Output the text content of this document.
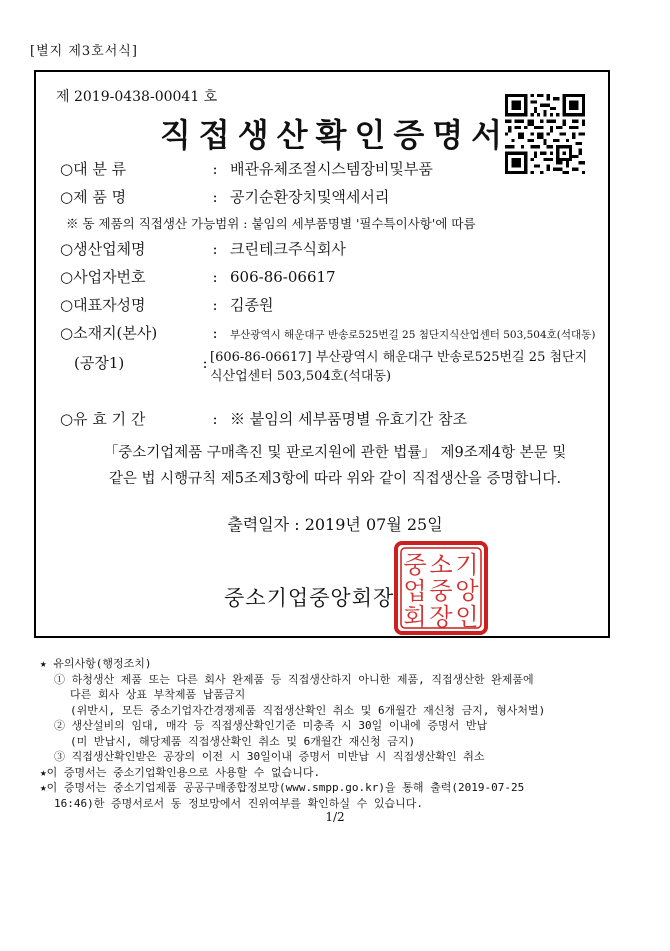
[별지 제3호서식]
제 2019-0438-00041 호
직접생산확인증명서
○대 분 류	: 배관유체조절시스템장비및부품
○제 품 명	: 공기순환장치및액세서리
※ 동 제품의 직접생산 가능범위 : 붙임의 세부품명별 '필수특이사항'에 따름
○생산업체명	: 크린테크주식회사
○사업자번호	: 606-86-06617
○대표자성명	: 김종원
○소재지(본사)	:	부산광역시 해운대구 반송로525번길 25 첨단지식산업센터 503,504호(석대동)
(공장1)	: [606-86-06617] 부산광역시 해운대구 반송로525번길 25 첨단지식산업센터 503,504호(석대동)
○유 효 기 간	: ※ 붙임의 세부품명별 유효기간 참조
「중소기업제품 구매촉진 및 판로지원에 관한 법률」 제9조제4항 본문 및
같은 법 시행규칙 제5조제3항에 따라 위와 같이 직접생산을 증명합니다.
출력일자 : 2019년 07월 25일
중 소 기
업 중 앙
회 장 인
중소기업중앙회장
★ 유의사항(행정조치)
① 하청생산 제품 또는 다른 회사 완제품 등 직접생산하지 아니한 제품, 직접생산한 완제품에
다른 회사 상표 부착제품 납품금지
(위반시, 모든 중소기업자간경쟁제품 직접생산확인 취소 및 6개월간 재신청 금지, 형사처벌)
② 생산설비의 임대, 매각 등 직접생산확인기준 미충족 시 30일 이내에 증명서 반납
(미 반납시, 해당제품 직접생산확인 취소 및 6개월간 재신청 금지)
③ 직접생산확인받은 공장의 이전 시 30일이내 증명서 미반납 시 직접생산확인 취소
★이 증명서는 중소기업확인용으로 사용할 수 없습니다.
★이 증명서는 중소기업제품 공공구매종합정보망(www.smpp.go.kr)을 통해 출력(2019-07-25
16:46)한 증명서로서 동 정보망에서 진위여부를 확인하실 수 있습니다.
1/2
